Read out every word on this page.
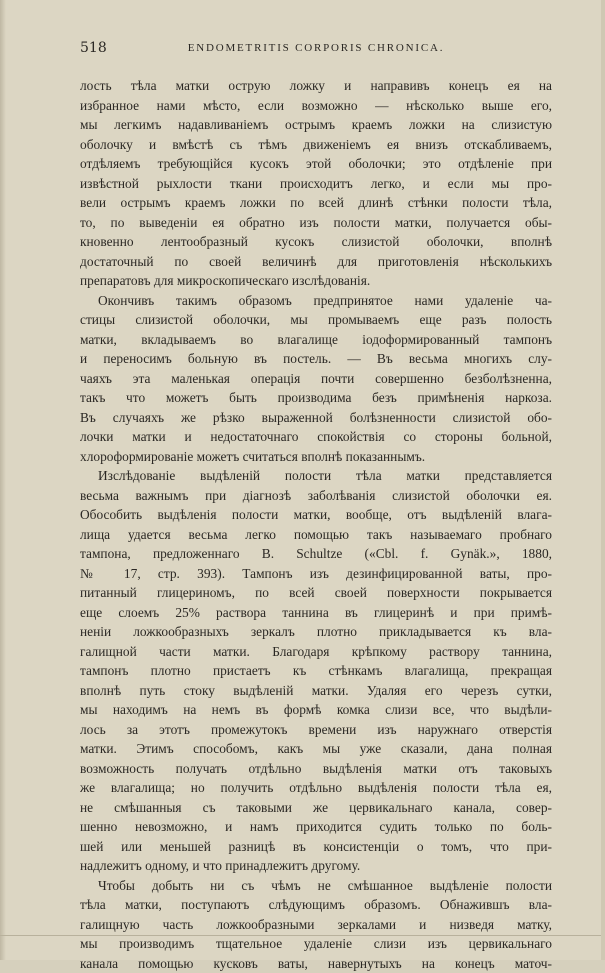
518	ENDOMETRITIS CORPORIS CHRONICA.
лость тѣла матки острую ложку и направивъ конецъ ея на
избранное нами мѣсто, если возможно — нѣсколько выше его,
мы легкимъ надавливаніемъ острымъ краемъ ложки на слизистую
оболочку и вмѣстѣ съ тѣмъ движеніемъ ея внизъ отскабливаемъ,
отдѣляемъ требующійся кусокъ этой оболочки; это отдѣленіе при
извѣстной рыхлости ткани происходитъ легко, и если мы про-
вели острымъ краемъ ложки по всей длинѣ стѣнки полости тѣла,
то, по выведеніи ея обратно изъ полости матки, получается обы-
кновенно лентообразный кусокъ слизистой оболочки, вполнѣ
достаточный по своей величинѣ для приготовленія нѣсколькихъ
препаратовъ для микроскопическаго изслѣдованія.
Окончивъ такимъ образомъ предпринятое нами удаленіе ча-
стицы слизистой оболочки, мы промываемъ еще разъ полость
матки, вкладываемъ во влагалище іодоформированный тампонъ
и переносимъ больную въ постель. — Въ весьма многихъ слу-
чаяхъ эта маленькая операція почти совершенно безболѣзненна,
такъ что можетъ быть производима безъ примѣненія наркоза.
Въ случаяхъ же рѣзко выраженной болѣзненности слизистой обо-
лочки матки и недостаточнаго спокойствія со стороны больной,
хлороформированіе можетъ считаться вполнѣ показаннымъ.
Изслѣдованіе выдѣленій полости тѣла матки представляется
весьма важнымъ при діагнозѣ заболѣванія слизистой оболочки ея.
Обособить выдѣленія полости матки, вообще, отъ выдѣленій влага-
лища удается весьма легко помощью такъ называемаго пробнаго
тампона, предложеннаго B. Schultze («Cbl. f. Gynäk.», 1880,
№ 17, стр. 393). Тампонъ изъ дезинфицированной ваты, про-
питанный глицериномъ, по всей своей поверхности покрывается
еще слоемъ 25% раствора таннина въ глицеринѣ и при примѣ-
неніи ложкообразныхъ зеркалъ плотно прикладывается къ вла-
галищной части матки. Благодаря крѣпкому раствору таннина,
тампонъ плотно пристаетъ къ стѣнкамъ влагалища, прекращая
вполнѣ путь стоку выдѣленій матки. Удаляя его черезъ сутки,
мы находимъ на немъ въ формѣ комка слизи все, что выдѣли-
лось за этотъ промежутокъ времени изъ наружнаго отверстія
матки. Этимъ способомъ, какъ мы уже сказали, дана полная
возможность получать отдѣльно выдѣленія матки отъ таковыхъ
же влагалища; но получить отдѣльно выдѣленія полости тѣла ея,
не смѣшанныя съ таковыми же цервикальнаго канала, совер-
шенно невозможно, и намъ приходится судить только по боль-
шей или меньшей разницѣ въ консистенціи о томъ, что при-
надлежитъ одному, и что принадлежитъ другому.
Чтобы добыть ни съ чѣмъ не смѣшанное выдѣленіе полости
тѣла матки, поступаютъ слѣдующимъ образомъ. Обнажившъ вла-
галищную часть ложкообразными зеркалами и низведя матку,
мы производимъ тщательное удаленіе слизи изъ цервикальнаго
канала помощью кусковъ ваты, навернутыхъ на конецъ маточ-
